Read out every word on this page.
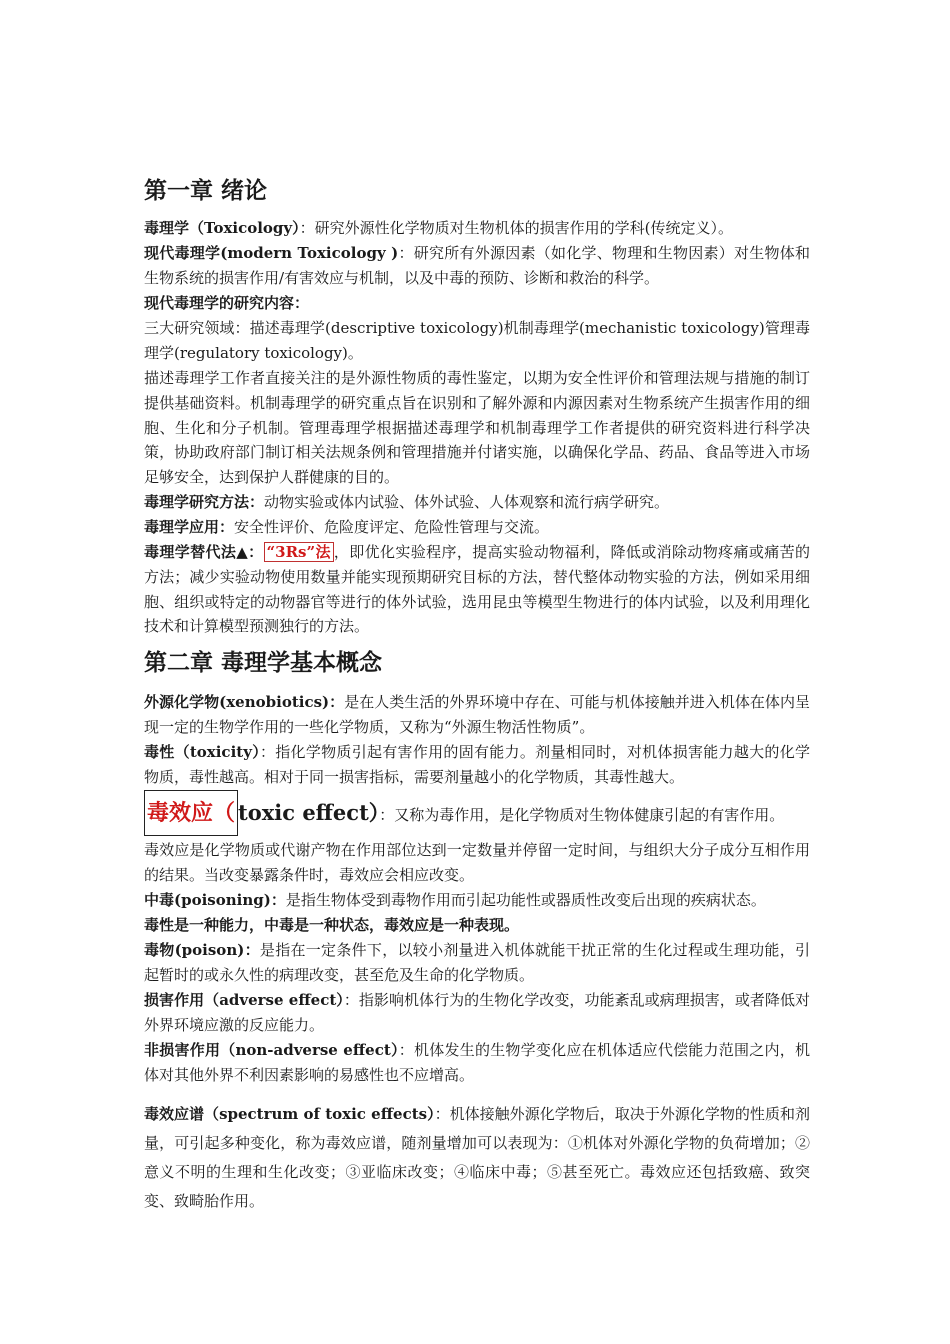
第一章 绪论
毒理学（Toxicology）：研究外源性化学物质对生物机体的损害作用的学科(传统定义）。
现代毒理学(modern Toxicology )：研究所有外源因素（如化学、物理和生物因素）对生物体和生物系统的损害作用/有害效应与机制，以及中毒的预防、诊断和救治的科学。
现代毒理学的研究内容：
三大研究领域：描述毒理学(descriptive toxicology)机制毒理学(mechanistic toxicology)管理毒理学(regulatory toxicology)。
描述毒理学工作者直接关注的是外源性物质的毒性鉴定，以期为安全性评价和管理法规与措施的制订提供基础资料。机制毒理学的研究重点旨在识别和了解外源和内源因素对生物系统产生损害作用的细胞、生化和分子机制。管理毒理学根据描述毒理学和机制毒理学工作者提供的研究资料进行科学决策，协助政府部门制订相关法规条例和管理措施并付诸实施，以确保化学品、药品、食品等进入市场足够安全，达到保护人群健康的目的。
毒理学研究方法：动物实验或体内试验、体外试验、人体观察和流行病学研究。
毒理学应用：安全性评价、危险度评定、危险性管理与交流。
毒理学替代法▲： “3Rs”法 ，即优化实验程序，提高实验动物福利，降低或消除动物疼痛或痛苦的方法；减少实验动物使用数量并能实现预期研究目标的方法，替代整体动物实验的方法，例如采用细胞、组织或特定的动物器官等进行的体外试验，选用昆虫等模型生物进行的体内试验，以及利用理化技术和计算模型预测独行的方法。
第二章 毒理学基本概念
外源化学物(xenobiotics)：是在人类生活的外界环境中存在、可能与机体接触并进入机体在体内呈现一定的生物学作用的一些化学物质，又称为“外源生物活性物质”。
毒性（toxicity）：指化学物质引起有害作用的固有能力。剂量相同时，对机体损害能力越大的化学物质，毒性越高。相对于同一损害指标，需要剂量越小的化学物质，其毒性越大。
毒效应（ toxic effect）：又称为毒作用，是化学物质对生物体健康引起的有害作用。
毒效应是化学物质或代谢产物在作用部位达到一定数量并停留一定时间，与组织大分子成分互相作用的结果。当改变暴露条件时，毒效应会相应改变。
中毒(poisoning)：是指生物体受到毒物作用而引起功能性或器质性改变后出现的疾病状态。
毒性是一种能力，中毒是一种状态，毒效应是一种表现。
毒物(poison)：是指在一定条件下，以较小剂量进入机体就能干扰正常的生化过程或生理功能，引起暂时的或永久性的病理改变，甚至危及生命的化学物质。
损害作用（adverse effect）：指影响机体行为的生物化学改变，功能紊乱或病理损害，或者降低对外界环境应激的反应能力。
非损害作用（non-adverse effect）：机体发生的生物学变化应在机体适应代偿能力范围之内，机体对其他外界不利因素影响的易感性也不应增高。
毒效应谱（spectrum of toxic effects）：机体接触外源化学物后，取决于外源化学物的性质和剂量，可引起多种变化，称为毒效应谱，随剂量增加可以表现为：①机体对外源化学物的负荷增加；②意义不明的生理和生化改变；③亚临床改变；④临床中毒；⑤甚至死亡。毒效应还包括致癌、致突变、致畸胎作用。
